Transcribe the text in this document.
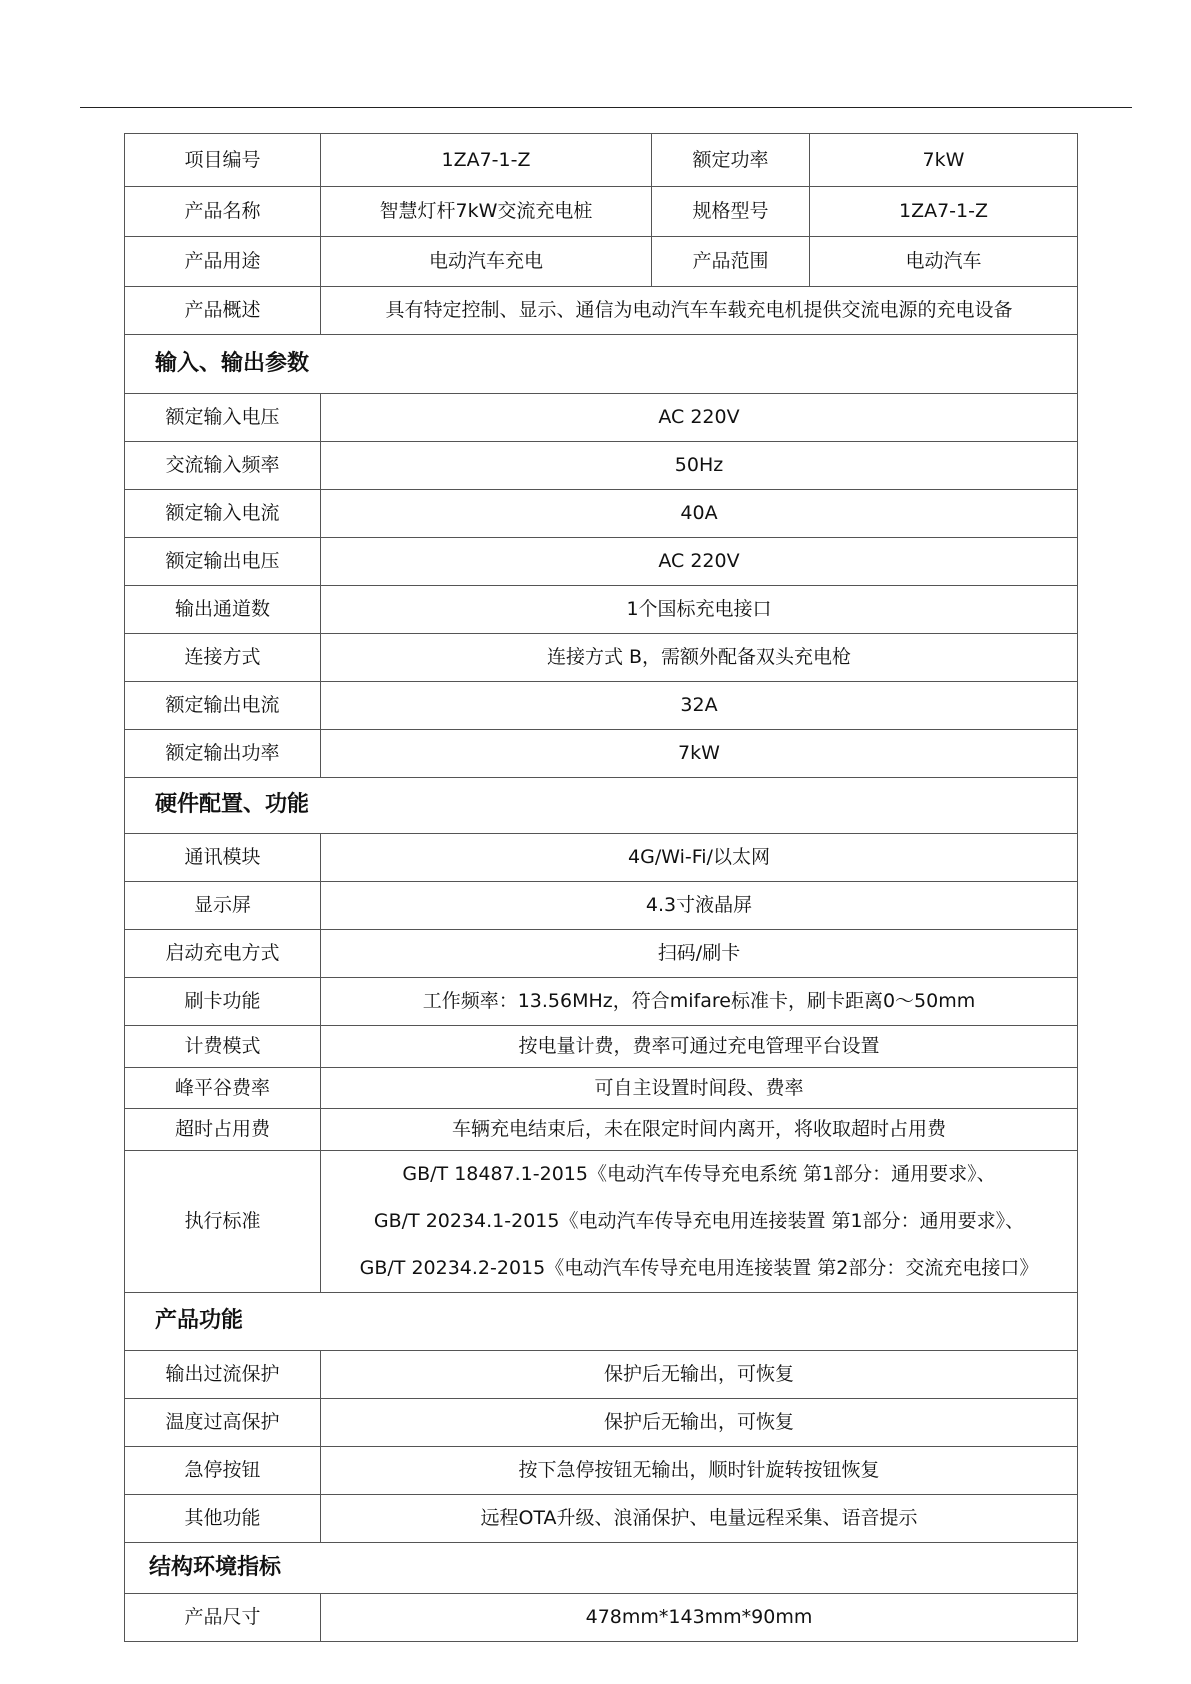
项目编号	1ZA7-1-Z	额定功率	7kW
产品名称	智慧灯杆7kW交流充电桩	规格型号	1ZA7-1-Z
产品用途	电动汽车充电	产品范围	电动汽车
产品概述	具有特定控制、显示、通信为电动汽车车载充电机提供交流电源的充电设备		
输入、输出参数			
额定输入电压	AC 220V		
交流输入频率	50Hz		
额定输入电流	40A		
额定输出电压	AC 220V		
输出通道数	1个国标充电接口		
连接方式	连接方式 B，需额外配备双头充电枪		
额定输出电流	32A		
额定输出功率	7kW		
硬件配置、功能			
通讯模块	4G/Wi-Fi/以太网		
显示屏	4.3寸液晶屏		
启动充电方式	扫码/刷卡		
刷卡功能	工作频率：13.56MHz，符合mifare标准卡，刷卡距离0～50mm		
计费模式	按电量计费，费率可通过充电管理平台设置		
峰平谷费率	可自主设置时间段、费率		
超时占用费	车辆充电结束后，未在限定时间内离开，将收取超时占用费		
执行标准	GB/T 18487.1-2015《电动汽车传导充电系统 第1部分：通用要求》、
GB/T 20234.1-2015《电动汽车传导充电用连接装置 第1部分：通用要求》、
GB/T 20234.2-2015《电动汽车传导充电用连接装置 第2部分：交流充电接口》		

产品功能			
输出过流保护	保护后无输出，可恢复		
温度过高保护	保护后无输出，可恢复		
急停按钮	按下急停按钮无输出，顺时针旋转按钮恢复		
其他功能	远程OTA升级、浪涌保护、电量远程采集、语音提示		
结构环境指标			
产品尺寸	478mm*143mm*90mm		
